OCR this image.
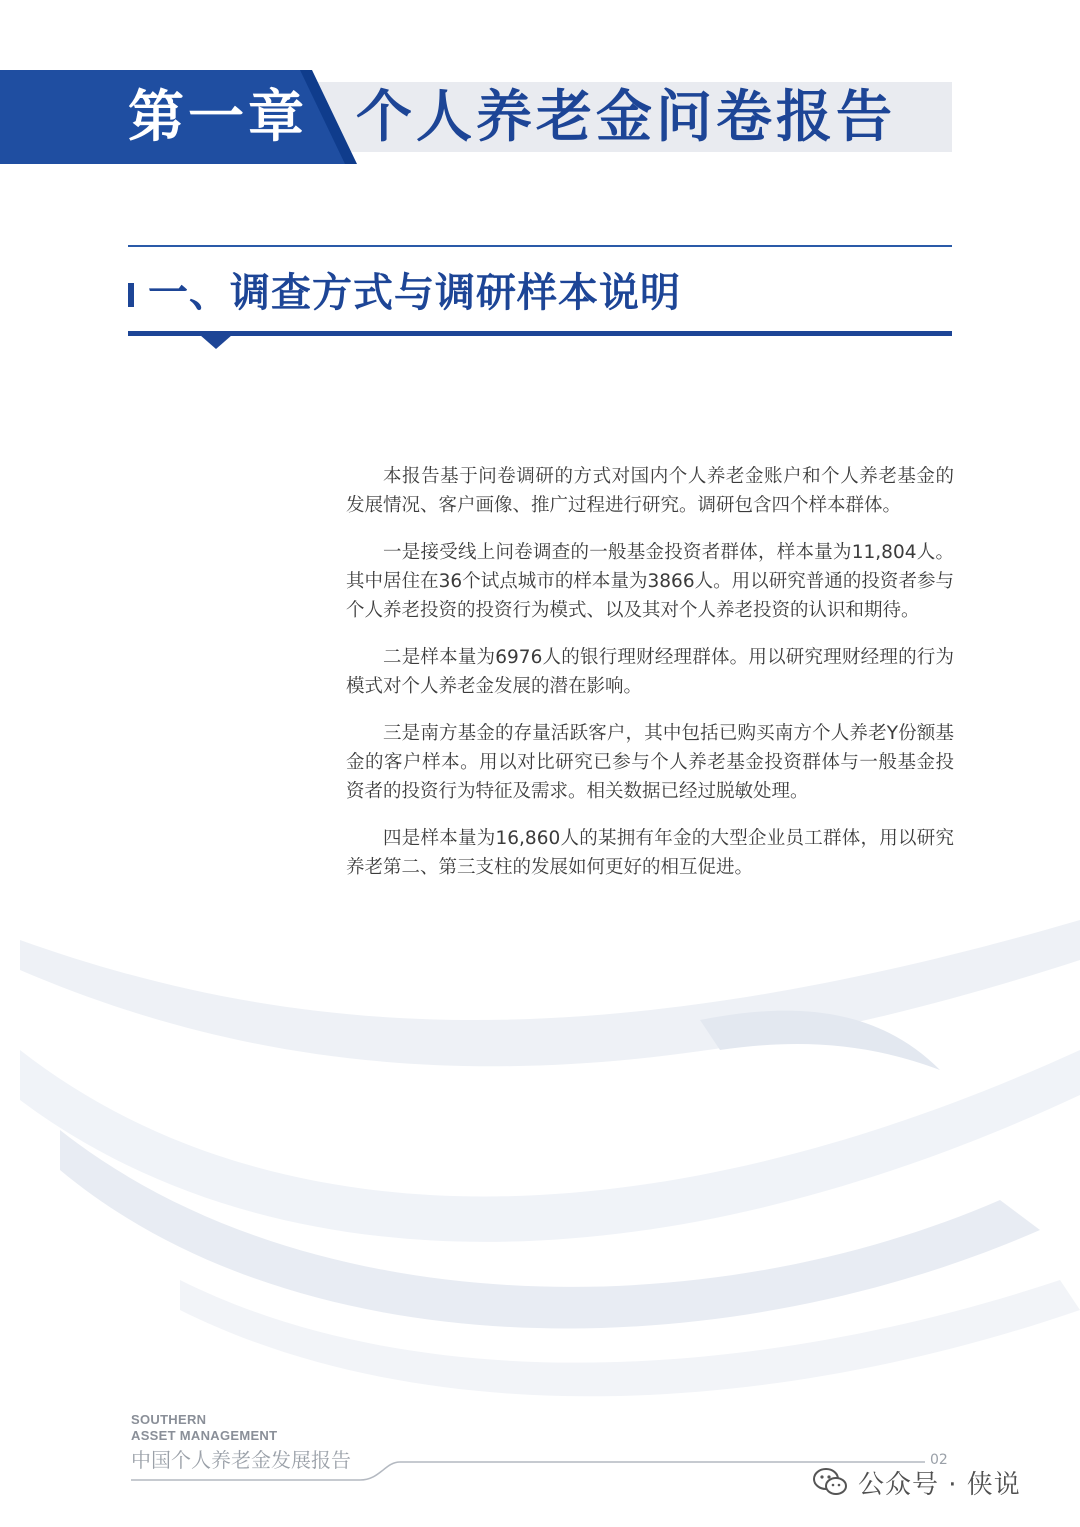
第一章 个人养老金问卷报告
一、调查方式与调研样本说明

本报告基于问卷调研的方式对国内个人养老金账户和个人养老基金的发展情况、客户画像、推广过程进行研究。调研包含四个样本群体。

一是接受线上问卷调查的一般基金投资者群体，样本量为11,804人。其中居住在36个试点城市的样本量为3866人。用以研究普通的投资者参与个人养老投资的投资行为模式、以及其对个人养老投资的认识和期待。

二是样本量为6976人的银行理财经理群体。用以研究理财经理的行为模式对个人养老金发展的潜在影响。

三是南方基金的存量活跃客户，其中包括已购买南方个人养老Y份额基金的客户样本。用以对比研究已参与个人养老基金投资群体与一般基金投资者的投资行为特征及需求。相关数据已经过脱敏处理。

四是样本量为16,860人的某拥有年金的大型企业员工群体，用以研究养老第二、第三支柱的发展如何更好的相互促进。

SOUTHERN
ASSET MANAGEMENT
中国个人养老金发展报告	02
公众号 · 侠说
